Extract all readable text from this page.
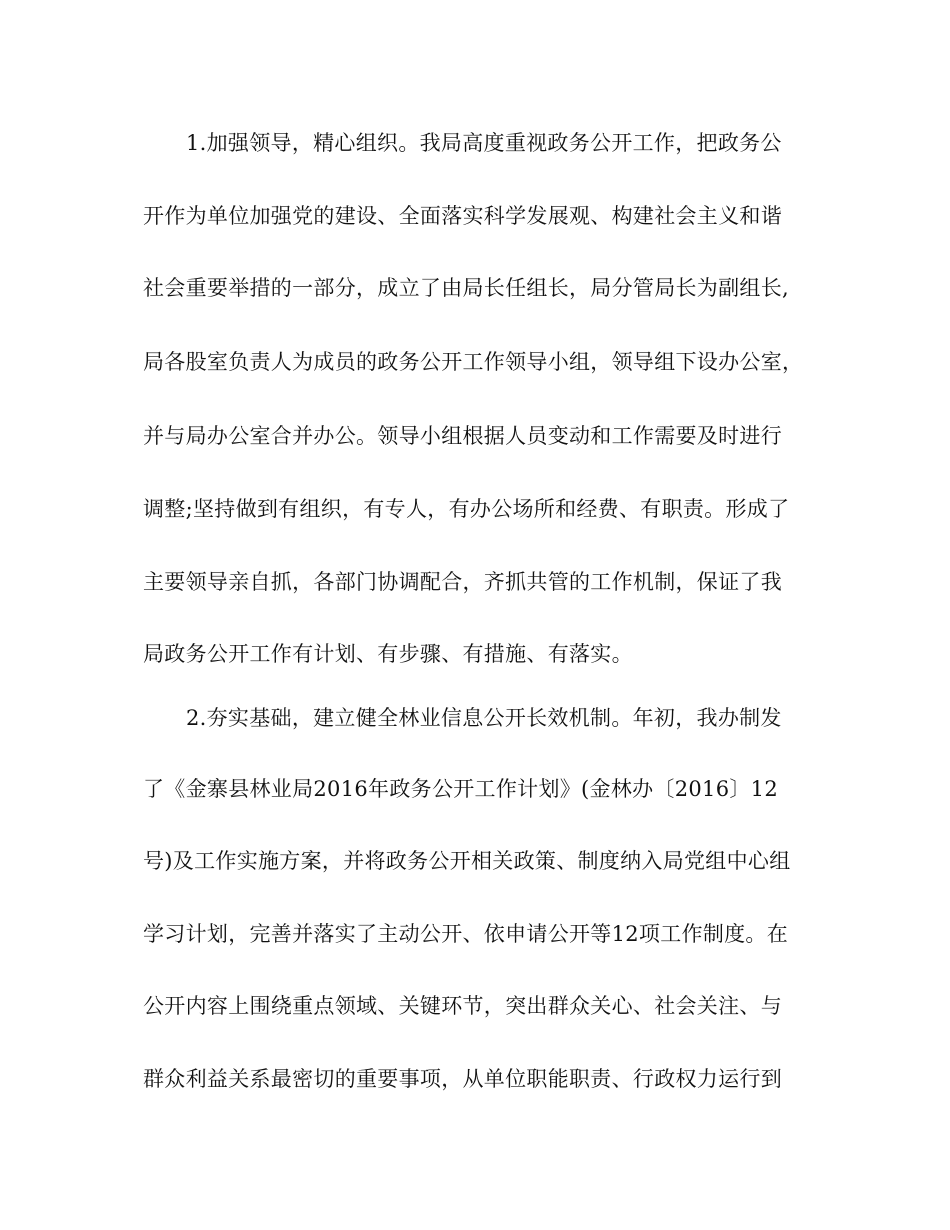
1.加强领导，精心组织。我局高度重视政务公开工作，把政务公
开作为单位加强党的建设、全面落实科学发展观、构建社会主义和谐
社会重要举措的一部分，成立了由局长任组长，局分管局长为副组长,
局各股室负责人为成员的政务公开工作领导小组，领导组下设办公室，
并与局办公室合并办公。领导小组根据人员变动和工作需要及时进行
调整;坚持做到有组织，有专人，有办公场所和经费、有职责。形成了
主要领导亲自抓，各部门协调配合，齐抓共管的工作机制，保证了我
局政务公开工作有计划、有步骤、有措施、有落实。
2.夯实基础，建立健全林业信息公开长效机制。年初，我办制发
了《金寨县林业局2016年政务公开工作计划》(金林办〔2016〕12
号)及工作实施方案，并将政务公开相关政策、制度纳入局党组中心组
学习计划，完善并落实了主动公开、依申请公开等12项工作制度。在
公开内容上围绕重点领域、关键环节，突出群众关心、社会关注、与
群众利益关系最密切的重要事项，从单位职能职责、行政权力运行到
